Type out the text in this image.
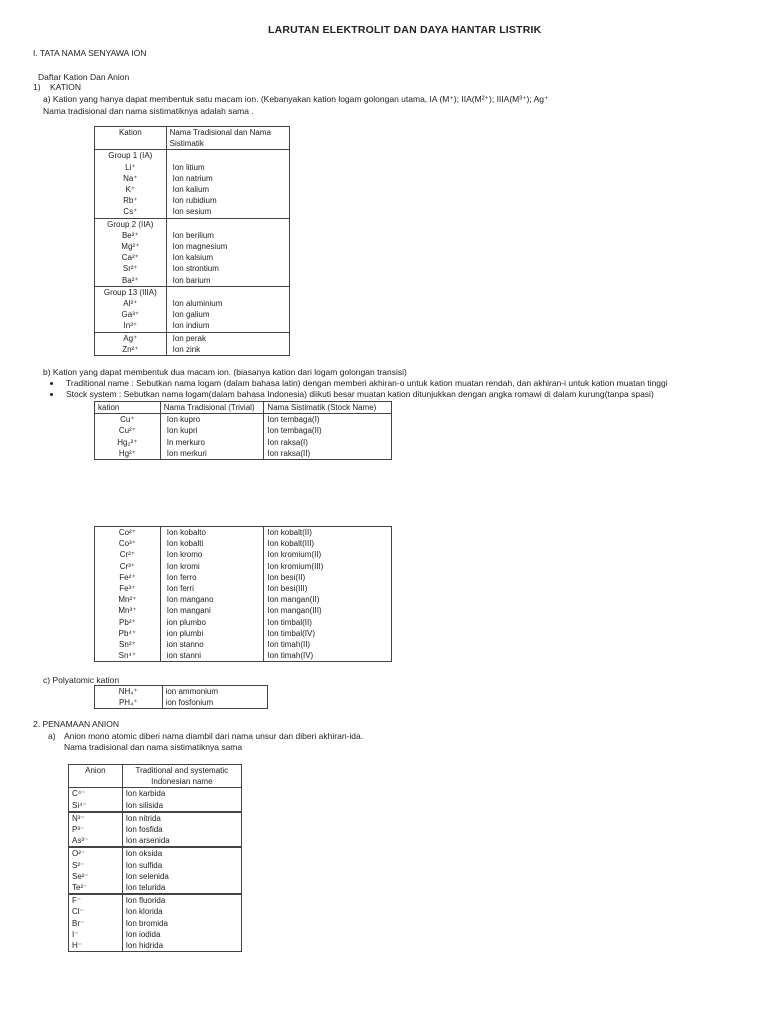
LARUTAN ELEKTROLIT DAN DAYA HANTAR LISTRIK
I. TATA NAMA SENYAWA ION
Daftar Kation Dan Anion
1) KATION
a) Kation yang hanya dapat membentuk satu macam ion. (Kebanyakan kation logam golongan utama, IA (M⁺); IIA(M²⁺); IIIA(M³⁺); Ag⁺
Nama tradisional dan nama sistimatiknya adalah sama .
Kation	Nama Tradisional dan Nama Sistimatik
Group 1 (IA)	
Li⁺	Ion litium
Na⁺	Ion natrium
K⁺	Ion kalium
Rb⁺	Ion rubidium
Cs⁺	Ion sesium
Group 2 (IIA)	
Be²⁺	Ion berilium
Mg²⁺	Ion magnesium
Ca²⁺	Ion kalsium
Sr²⁺	Ion strontium
Ba²⁺	Ion barium
Group 13 (IIIA)	
Al³⁺	Ion aluminium
Ga³⁺	Ion galium
In³⁺	Ion indium
Ag⁺	Ion perak
Zn²⁺	Ion zink
b) Kation yang dapat membentuk dua macam ion. (biasanya kation dari logam golongan transisi)
Traditional name : Sebutkan nama logam (dalam bahasa latin) dengan memberi akhiran-o untuk kation muatan rendah, dan akhiran-i untuk kation muatan tinggi
Stock system : Sebutkan nama logam(dalam bahasa Indonesia) diikuti besar muatan kation ditunjukkan dengan angka romawi di dalam kurung(tanpa spasi)
kation	Nama Tradisional (Trivial)	Nama Sistimatik (Stock Name)
Cu⁺	Ion kupro	Ion tembaga(I)
Cu²⁺	Ion kupri	Ion tembaga(II)
Hg₂²⁺	In merkuro	Ion raksa(I)
Hg²⁺	Ion merkuri	Ion raksa(II)
Co²⁺	Ion kobalto	Ion kobalt(II)
Co³⁺	Ion kobalti	Ion kobalt(III)
Cr²⁺	Ion kromo	Ion kromium(II)
Cr³⁺	Ion kromi	Ion kromium(III)
Fe²⁺	Ion ferro	Ion besi(II)
Fe³⁺	Ion ferri	Ion besi(III)
Mn²⁺	Ion mangano	Ion mangan(II)
Mn³⁺	Ion mangani	Ion mangan(III)
Pb²⁺	ion plumbo	Ion timbal(II)
Pb⁴⁺	ion plumbi	Ion timbal(IV)
Sn²⁺	ion stanno	Ion timah(II)
Sn⁴⁺	ion stanni	Ion timah(IV)
c) Polyatomic kation
NH₄⁺	ion ammonium
PH₄⁺	ion fosfonium
2. PENAMAAN ANION
a) Anion mono atomic diberi nama diambil dari nama unsur dan diberi akhiran-ida.
Nama tradisional dan nama sistimatiknya sama
Anion	Traditional and systematic Indonesian name
C⁴⁻	Ion karbida
Si⁴⁻	Ion silisida
N³⁻	Ion nitrida
P³⁻	Ion fosfida
As³⁻	Ion arsenida
O²⁻	Ion oksida
S²⁻	Ion sulfida
Se²⁻	Ion selenida
Te²⁻	Ion telurida
F⁻	Ion fluorida
Cl⁻	Ion klorida
Br⁻	Ion bromida
I⁻	Ion iodida
H⁻	Ion hidrida
